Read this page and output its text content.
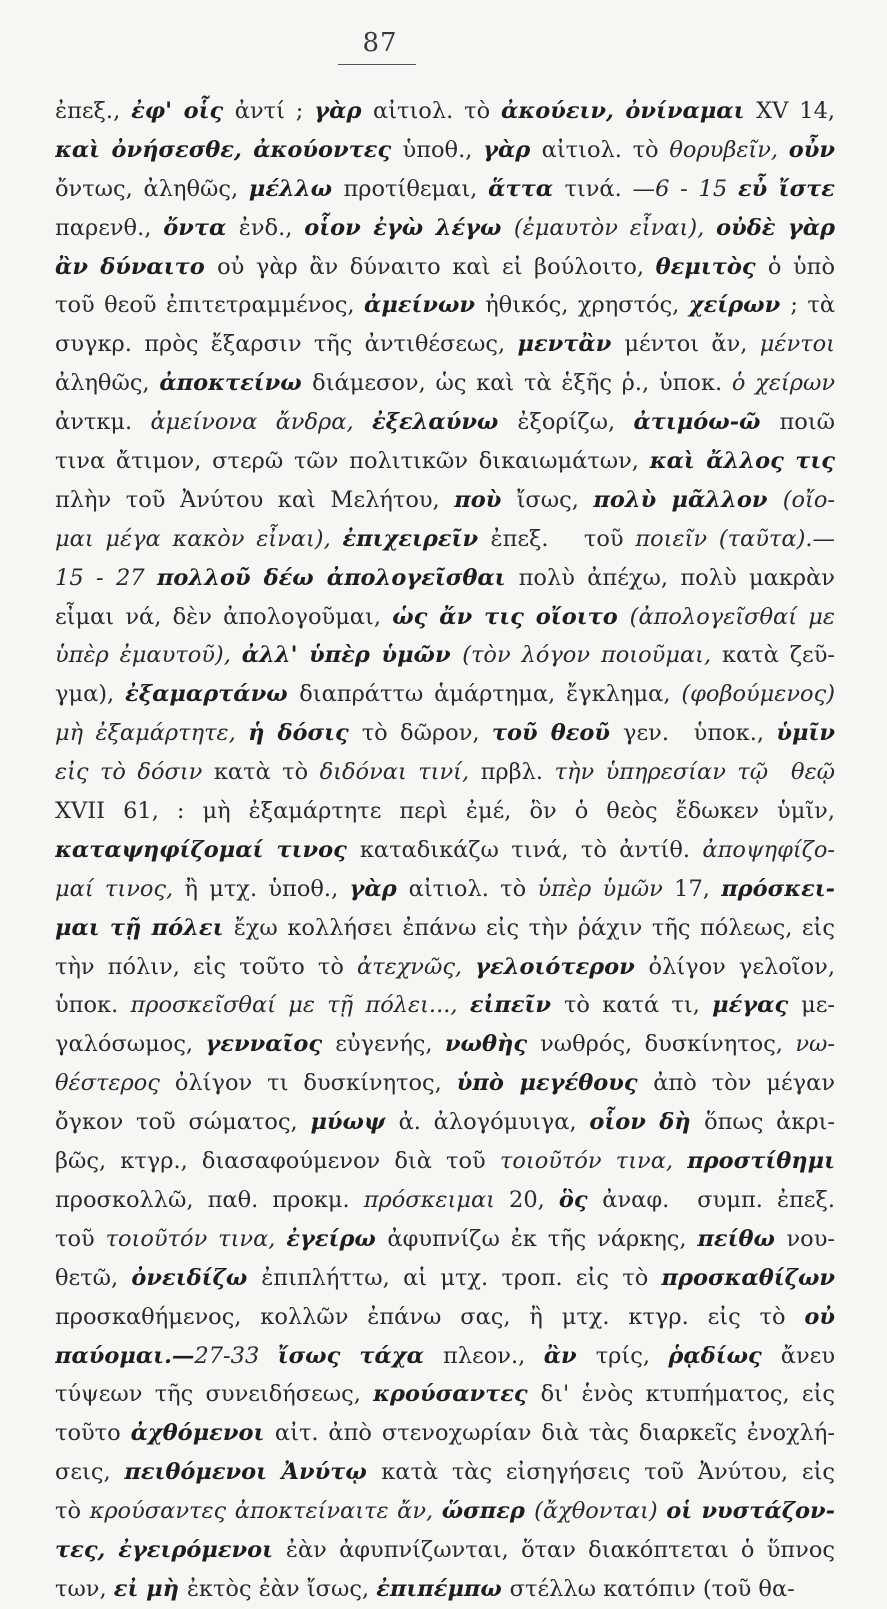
87
ἐπεξ., ἐφ' οἷς ἀντί ; γὰρ αἰτιολ. τὸ ἀκούειν, ὀνίναμαι XV 14,
καὶ ὀνήσεσθε, ἀκούοντες ὑποθ., γὰρ αἰτιολ. τὸ θορυβεῖν, οὖν
ὄντως, ἀληθῶς, μέλλω προτίθεμαι, ἅττα τινά. —6 - 15 εὖ ἴστε
παρενθ., ὄντα ἐνδ., οἷον ἐγὼ λέγω (ἐμαυτὸν εἶναι), οὐδὲ γὰρ
ἂν δύναιτο οὐ γὰρ ἂν δύναιτο καὶ εἰ βούλοιτο, θεμιτὸς ὁ ὑπὸ
τοῦ θεοῦ ἐπιτετραμμένος, ἀμείνων ἠθικός, χρηστός, χείρων ; τὰ
συγκρ. πρὸς ἔξαρσιν τῆς ἀντιθέσεως, μεντἂν μέντοι ἄν, μέντοι
ἀληθῶς, ἀποκτείνω διάμεσον, ὡς καὶ τὰ ἑξῆς ῥ., ὑποκ. ὁ χείρων
ἀντκμ. ἀμείνονα ἄνδρα, ἐξελαύνω ἐξορίζω, ἀτιμόω-ῶ ποιῶ
τινα ἄτιμον, στερῶ τῶν πολιτικῶν δικαιωμάτων, καὶ ἄλλος τις
πλὴν τοῦ Ἀνύτου καὶ Μελήτου, ποὺ ἴσως, πολὺ μᾶλλον (οἴο-
μαι μέγα κακὸν εἶναι), ἐπιχειρεῖν ἐπεξ.   τοῦ ποιεῖν (ταῦτα).—
15 - 27 πολλοῦ δέω ἀπολογεῖσθαι πολὺ ἀπέχω, πολὺ μακρὰν
εἶμαι νά, δὲν ἀπολογοῦμαι, ὡς ἄν τις οἴοιτο (ἀπολογεῖσθαί με
ὑπὲρ ἐμαυτοῦ), ἀλλ' ὑπὲρ ὑμῶν (τὸν λόγον ποιοῦμαι, κατὰ ζεῦ-
γμα), ἐξαμαρτάνω διαπράττω ἁμάρτημα, ἔγκλημα, (φοβούμενος)
μὴ ἐξαμάρτητε, ἡ δόσις τὸ δῶρον, τοῦ θεοῦ γεν.  ὑποκ., ὑμῖν
εἰς τὸ δόσιν κατὰ τὸ διδόναι τινί, πρβλ. τὴν ὑπηρεσίαν τῷ  θεῷ
XVII 61, : μὴ ἐξαμάρτητε περὶ ἐμέ, ὃν ὁ θεὸς ἔδωκεν ὑμῖν,
καταψηφίζομαί τινος καταδικάζω τινά, τὸ ἀντίθ. ἀποψηφίζο-
μαί τινος, ἢ μτχ. ὑποθ., γὰρ αἰτιολ. τὸ ὑπὲρ ὑμῶν 17, πρόσκει-
μαι τῇ πόλει ἔχω κολλήσει ἐπάνω εἰς τὴν ῥάχιν τῆς πόλεως, εἰς
τὴν πόλιν, εἰς τοῦτο τὸ ἀτεχνῶς, γελοιότερον ὀλίγον γελοῖον,
ὑποκ. προσκεῖσθαί με τῇ πόλει..., εἰπεῖν τὸ κατά τι, μέγας με-
γαλόσωμος, γενναῖος εὐγενής, νωθὴς νωθρός, δυσκίνητος, νω-
θέστερος ὀλίγον τι δυσκίνητος, ὑπὸ μεγέθους ἀπὸ τὸν μέγαν
ὄγκον τοῦ σώματος, μύωψ ἀ. ἀλογόμυιγα, οἷον δὴ ὅπως ἀκρι-
βῶς, κτγρ., διασαφούμενον διὰ τοῦ τοιοῦτόν τινα, προστίθημι
προσκολλῶ, παθ. προκμ. πρόσκειμαι 20, ὃς ἀναφ.  συμπ. ἐπεξ.
τοῦ τοιοῦτόν τινα, ἐγείρω ἀφυπνίζω ἐκ τῆς νάρκης, πείθω νου-
θετῶ, ὀνειδίζω ἐπιπλήττω, αἱ μτχ. τροπ. εἰς τὸ προσκαθίζων
προσκαθήμενος, κολλῶν ἐπάνω σας, ἢ μτχ. κτγρ. εἰς τὸ οὐ
παύομαι.—27-33 ἴσως τάχα πλεον., ἂν τρίς, ῥᾳδίως ἄνευ
τύψεων τῆς συνειδήσεως, κρούσαντες δι' ἑνὸς κτυπήματος, εἰς
τοῦτο ἀχθόμενοι αἰτ. ἀπὸ στενοχωρίαν διὰ τὰς διαρκεῖς ἐνοχλή-
σεις, πειθόμενοι Ἀνύτῳ κατὰ τὰς εἰσηγήσεις τοῦ Ἀνύτου, εἰς
τὸ κρούσαντες ἀποκτείναιτε ἄν, ὥσπερ (ἄχθονται) οἱ νυστάζον-
τες, ἐγειρόμενοι ἐὰν ἀφυπνίζωνται, ὅταν διακόπτεται ὁ ὕπνος
των, εἰ μὴ ἐκτὸς ἐὰν ἴσως, ἐπιπέμπω στέλλω κατόπιν (τοῦ θα-
